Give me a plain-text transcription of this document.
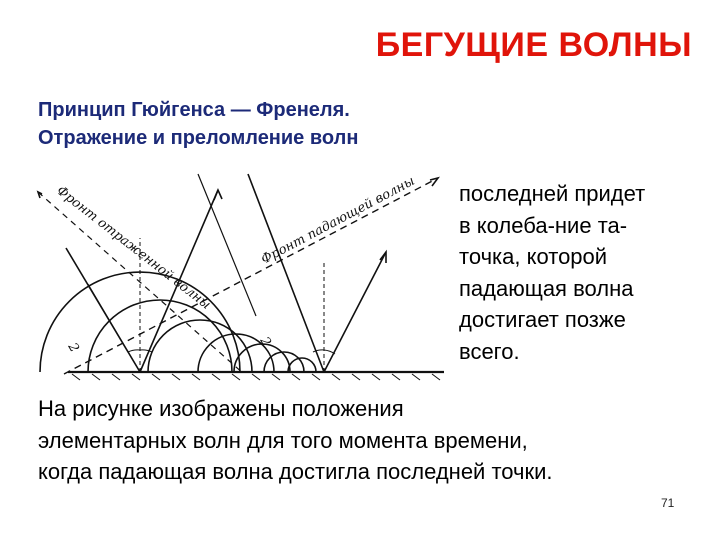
БЕГУЩИЕ ВОЛНЫ
Принцип Гюйгенса — Френеля.
Отражение и преломление волн
Фронт отраженной волны	Фронт падающей волны
2	2
последней придет
в колеба-ние та-
точка, которой
падающая волна
достигает позже
всего.
На рисунке изображены положения
элементарных волн для того момента времени,
когда падающая волна достигла последней точки.
71
